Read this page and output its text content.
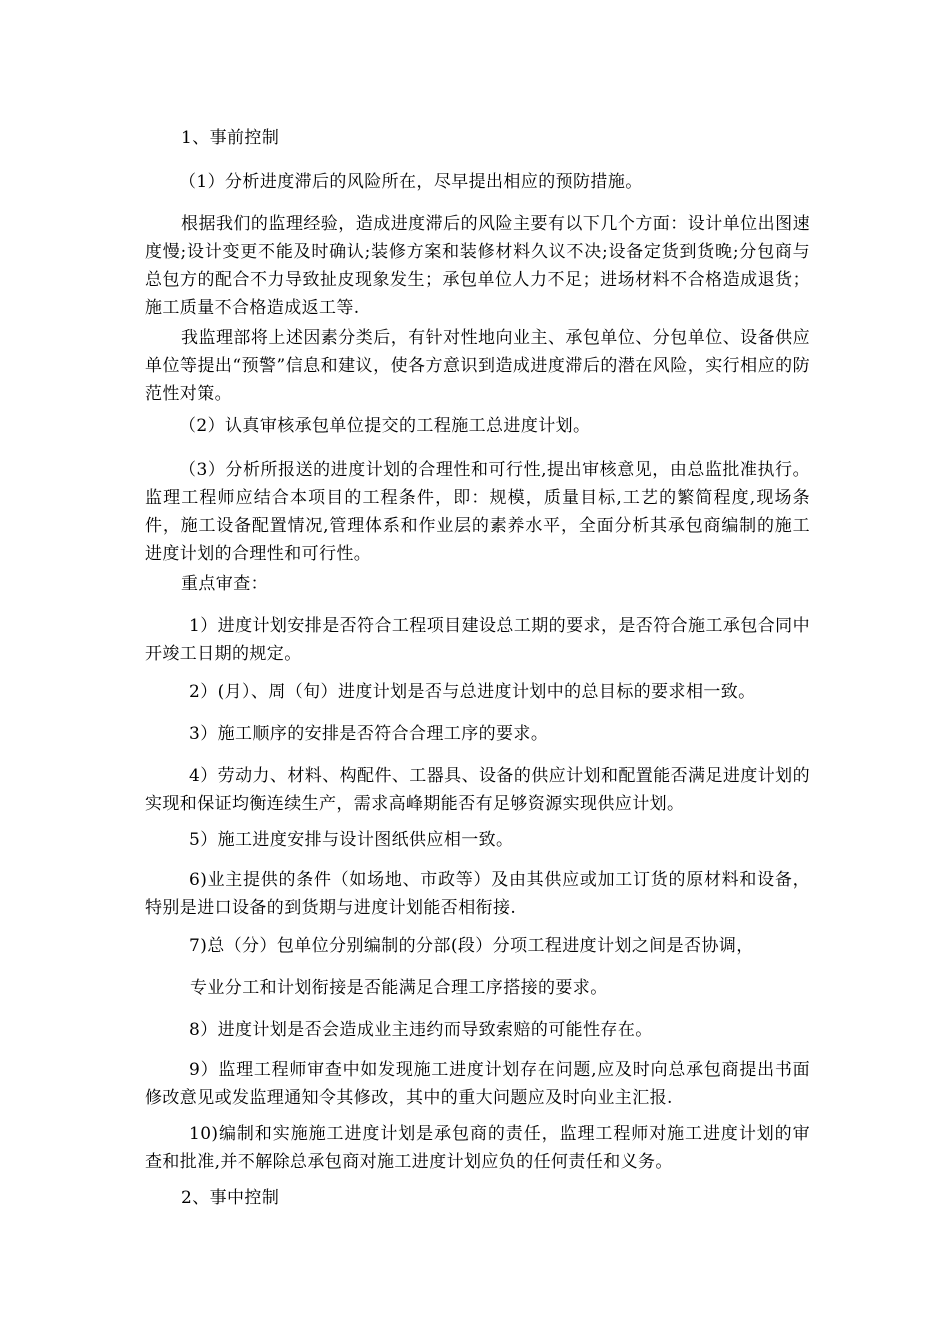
1、事前控制

（1）分析进度滞后的风险所在，尽早提出相应的预防措施。

根据我们的监理经验，造成进度滞后的风险主要有以下几个方面：设计单位出图速度慢;设计变更不能及时确认;装修方案和装修材料久议不决;设备定货到货晚;分包商与总包方的配合不力导致扯皮现象发生；承包单位人力不足；进场材料不合格造成退货；施工质量不合格造成返工等.

我监理部将上述因素分类后，有针对性地向业主、承包单位、分包单位、设备供应单位等提出“预警”信息和建议，使各方意识到造成进度滞后的潜在风险，实行相应的防范性对策。

（2）认真审核承包单位提交的工程施工总进度计划。

（3）分析所报送的进度计划的合理性和可行性,提出审核意见，由总监批准执行。监理工程师应结合本项目的工程条件，即：规模，质量目标,工艺的繁简程度,现场条件，施工设备配置情况,管理体系和作业层的素养水平，全面分析其承包商编制的施工进度计划的合理性和可行性。

重点审查：

1）进度计划安排是否符合工程项目建设总工期的要求，是否符合施工承包合同中开竣工日期的规定。

2）(月）、周（旬）进度计划是否与总进度计划中的总目标的要求相一致。

3）施工顺序的安排是否符合合理工序的要求。

4）劳动力、材料、构配件、工器具、设备的供应计划和配置能否满足进度计划的实现和保证均衡连续生产，需求高峰期能否有足够资源实现供应计划。

5）施工进度安排与设计图纸供应相一致。

6)业主提供的条件（如场地、市政等）及由其供应或加工订货的原材料和设备，特别是进口设备的到货期与进度计划能否相衔接.

7)总（分）包单位分别编制的分部(段）分项工程进度计划之间是否协调，

专业分工和计划衔接是否能满足合理工序搭接的要求。

8）进度计划是否会造成业主违约而导致索赔的可能性存在。

9）监理工程师审查中如发现施工进度计划存在问题,应及时向总承包商提出书面修改意见或发监理通知令其修改，其中的重大问题应及时向业主汇报.

10)编制和实施施工进度计划是承包商的责任，监理工程师对施工进度计划的审查和批准,并不解除总承包商对施工进度计划应负的任何责任和义务。

2、事中控制
